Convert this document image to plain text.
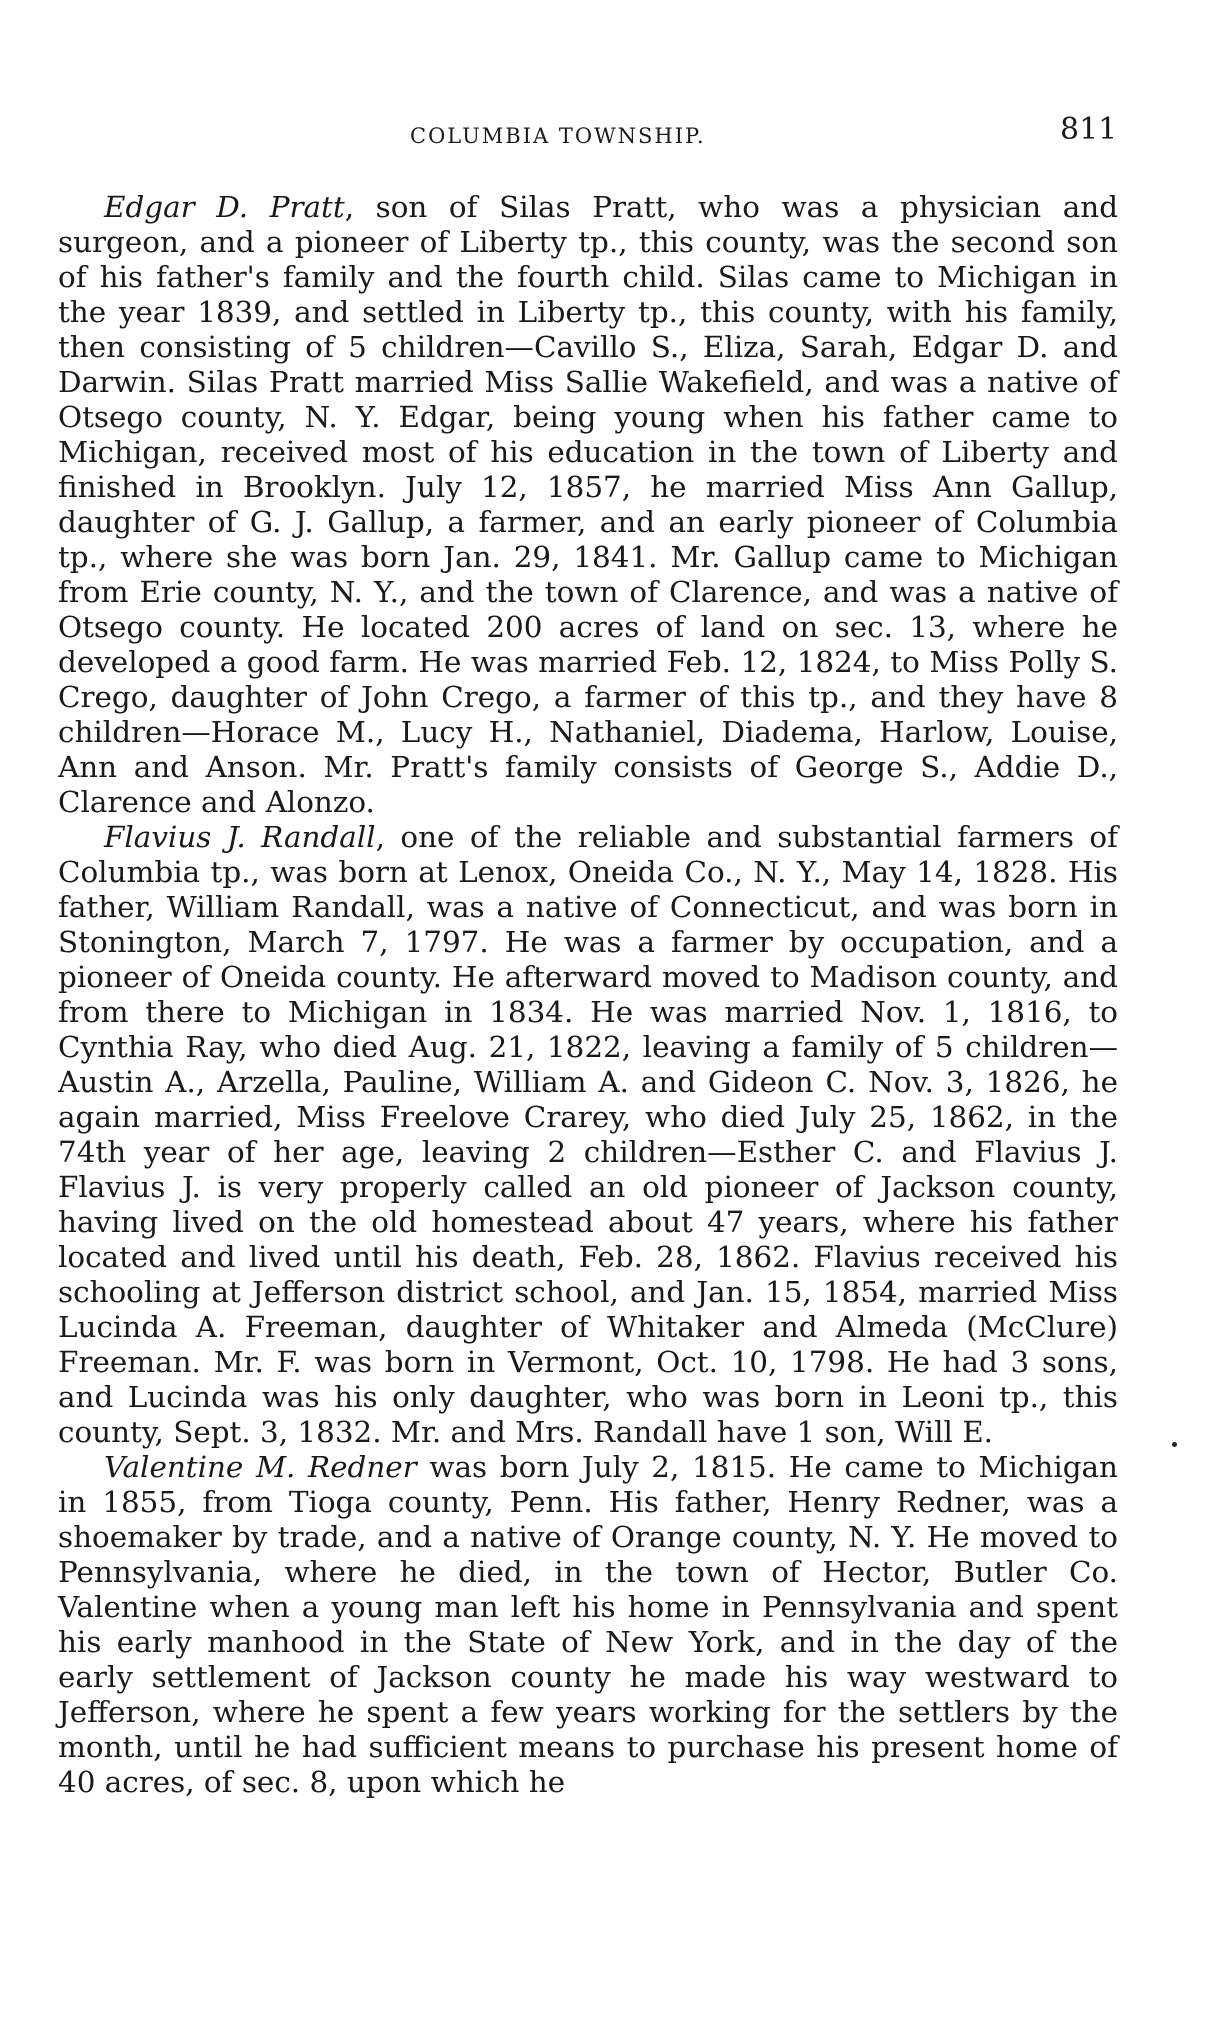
COLUMBIA TOWNSHIP.	811

Edgar D. Pratt, son of Silas Pratt, who was a physician and surgeon, and a pioneer of Liberty tp., this county, was the second son of his father's family and the fourth child. Silas came to Michigan in the year 1839, and settled in Liberty tp., this county, with his family, then consisting of 5 children—Cavillo S., Eliza, Sarah, Edgar D. and Darwin. Silas Pratt married Miss Sallie Wakefield, and was a native of Otsego county, N. Y. Edgar, being young when his father came to Michigan, received most of his education in the town of Liberty and finished in Brooklyn. July 12, 1857, he married Miss Ann Gallup, daughter of G. J. Gallup, a farmer, and an early pioneer of Columbia tp., where she was born Jan. 29, 1841. Mr. Gallup came to Michigan from Erie county, N. Y., and the town of Clarence, and was a native of Otsego county. He located 200 acres of land on sec. 13, where he developed a good farm. He was married Feb. 12, 1824, to Miss Polly S. Crego, daughter of John Crego, a farmer of this tp., and they have 8 children—Horace M., Lucy H., Nathaniel, Diadema, Harlow, Louise, Ann and Anson. Mr. Pratt's family consists of George S., Addie D., Clarence and Alonzo.

Flavius J. Randall, one of the reliable and substantial farmers of Columbia tp., was born at Lenox, Oneida Co., N. Y., May 14, 1828. His father, William Randall, was a native of Connecticut, and was born in Stonington, March 7, 1797. He was a farmer by occupation, and a pioneer of Oneida county. He afterward moved to Madison county, and from there to Michigan in 1834. He was married Nov. 1, 1816, to Cynthia Ray, who died Aug. 21, 1822, leaving a family of 5 children—Austin A., Arzella, Pauline, William A. and Gideon C. Nov. 3, 1826, he again married, Miss Freelove Crarey, who died July 25, 1862, in the 74th year of her age, leaving 2 children—Esther C. and Flavius J. Flavius J. is very properly called an old pioneer of Jackson county, having lived on the old homestead about 47 years, where his father located and lived until his death, Feb. 28, 1862. Flavius received his schooling at Jefferson district school, and Jan. 15, 1854, married Miss Lucinda A. Freeman, daughter of Whitaker and Almeda (McClure) Freeman. Mr. F. was born in Vermont, Oct. 10, 1798. He had 3 sons, and Lucinda was his only daughter, who was born in Leoni tp., this county, Sept. 3, 1832. Mr. and Mrs. Randall have 1 son, Will E.

Valentine M. Redner was born July 2, 1815. He came to Michigan in 1855, from Tioga county, Penn. His father, Henry Redner, was a shoemaker by trade, and a native of Orange county, N. Y. He moved to Pennsylvania, where he died, in the town of Hector, Butler Co. Valentine when a young man left his home in Pennsylvania and spent his early manhood in the State of New York, and in the day of the early settlement of Jackson county he made his way westward to Jefferson, where he spent a few years working for the settlers by the month, until he had sufficient means to purchase his present home of 40 acres, of sec. 8, upon which he
